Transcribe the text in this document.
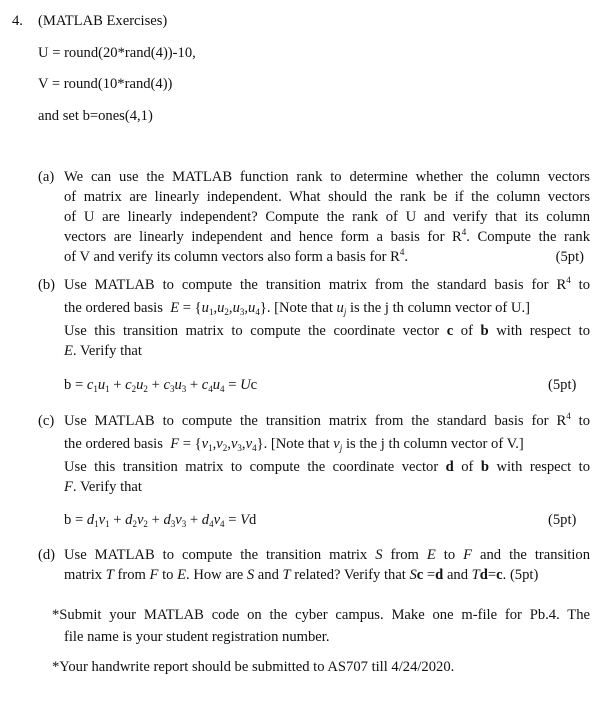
4. (MATLAB Exercises)
U = round(20*rand(4))-10,
V = round(10*rand(4))
and set b=ones(4,1)
(a) We can use the MATLAB function rank to determine whether the column vectors
of matrix are linearly independent. What should the rank be if the column vectors
of U are linearly independent? Compute the rank of U and verify that its column
vectors are linearly independent and hence form a basis for $R^4$. Compute the rank
of V and verify its column vectors also form a basis for $R^4$.	(5pt)
(b) Use MATLAB to compute the transition matrix from the standard basis for $R^4$ to
the ordered basis $E = \{u_1,u_2,u_3,u_4\}$. [Note that $u_j$ is the j th column vector of U.]
Use this transition matrix to compute the coordinate vector c of b with respect to
E. Verify that
$b = c_1u_1 + c_2u_2 + c_3u_3 + c_4u_4 = Uc$	(5pt)
(c) Use MATLAB to compute the transition matrix from the standard basis for $R^4$ to
the ordered basis $F = \{v_1,v_2,v_3,v_4\}$. [Note that $v_j$ is the j th column vector of V.]
Use this transition matrix to compute the coordinate vector d of b with respect to
F. Verify that
$b = d_1v_1 + d_2v_2 + d_3v_3 + d_4v_4 = Vd$	(5pt)
(d) Use MATLAB to compute the transition matrix S from E to F and the transition
matrix T from F to E. How are S and T related? Verify that Sc =d and Td=c. (5pt)
*Submit your MATLAB code on the cyber campus. Make one m-file for Pb.4. The
file name is your student registration number.
*Your handwrite report should be submitted to AS707 till 4/24/2020.
